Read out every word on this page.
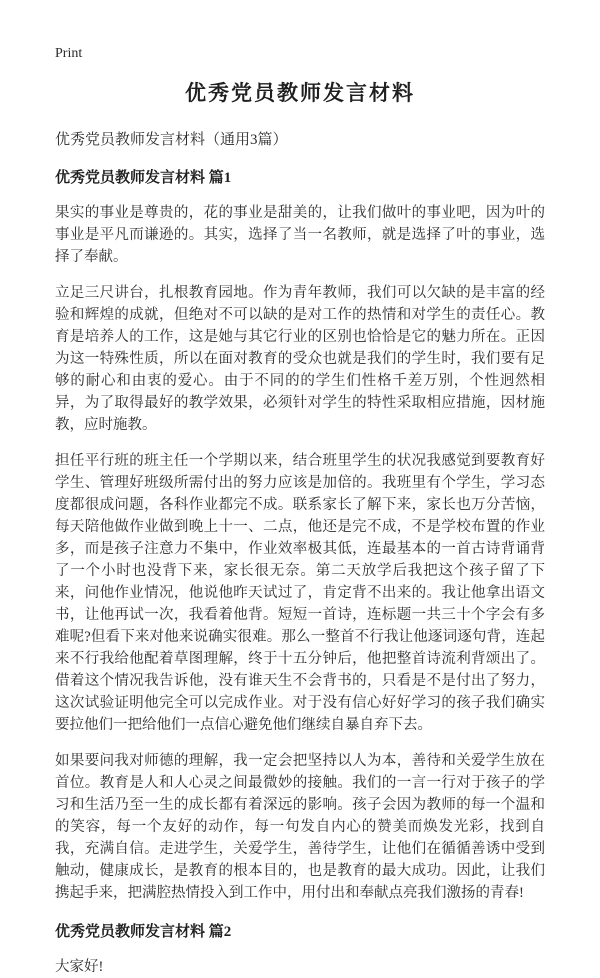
Print
优秀党员教师发言材料

优秀党员教师发言材料（通用3篇）

优秀党员教师发言材料 篇1

果实的事业是尊贵的，花的事业是甜美的，让我们做叶的事业吧，因为叶的事业是平凡而谦逊的。其实，选择了当一名教师，就是选择了叶的事业，选择了奉献。

立足三尺讲台，扎根教育园地。作为青年教师，我们可以欠缺的是丰富的经验和辉煌的成就，但绝对不可以缺的是对工作的热情和对学生的责任心。教育是培养人的工作，这是她与其它行业的区别也恰恰是它的魅力所在。正因为这一特殊性质，所以在面对教育的受众也就是我们的学生时，我们要有足够的耐心和由衷的爱心。由于不同的的学生们性格千差万别，个性迥然相异，为了取得最好的教学效果，必须针对学生的特性采取相应措施，因材施教，应时施教。

担任平行班的班主任一个学期以来，结合班里学生的状况我感觉到要教育好学生、管理好班级所需付出的努力应该是加倍的。我班里有个学生，学习态度都很成问题，各科作业都完不成。联系家长了解下来，家长也万分苦恼，每天陪他做作业做到晚上十一、二点，他还是完不成，不是学校布置的作业多，而是孩子注意力不集中，作业效率极其低，连最基本的一首古诗背诵背了一个小时也没背下来，家长很无奈。第二天放学后我把这个孩子留了下来，问他作业情况，他说他昨天试过了，肯定背不出来的。我让他拿出语文书，让他再试一次，我看着他背。短短一首诗，连标题一共三十个字会有多难呢?但看下来对他来说确实很难。那么一整首不行我让他逐词逐句背，连起来不行我给他配着草图理解，终于十五分钟后，他把整首诗流利背颂出了。借着这个情况我告诉他，没有谁天生不会背书的，只看是不是付出了努力，这次试验证明他完全可以完成作业。对于没有信心好好学习的孩子我们确实要拉他们一把给他们一点信心避免他们继续自暴自弃下去。

如果要问我对师德的理解，我一定会把坚持以人为本，善待和关爱学生放在首位。教育是人和人心灵之间最微妙的接触。我们的一言一行对于孩子的学习和生活乃至一生的成长都有着深远的影响。孩子会因为教师的每一个温和的笑容，每一个友好的动作，每一句发自内心的赞美而焕发光彩，找到自我，充满自信。走进学生，关爱学生，善待学生，让他们在循循善诱中受到触动，健康成长，是教育的根本目的，也是教育的最大成功。因此，让我们携起手来，把满腔热情投入到工作中，用付出和奉献点亮我们激扬的青春!

优秀党员教师发言材料 篇2

大家好!
